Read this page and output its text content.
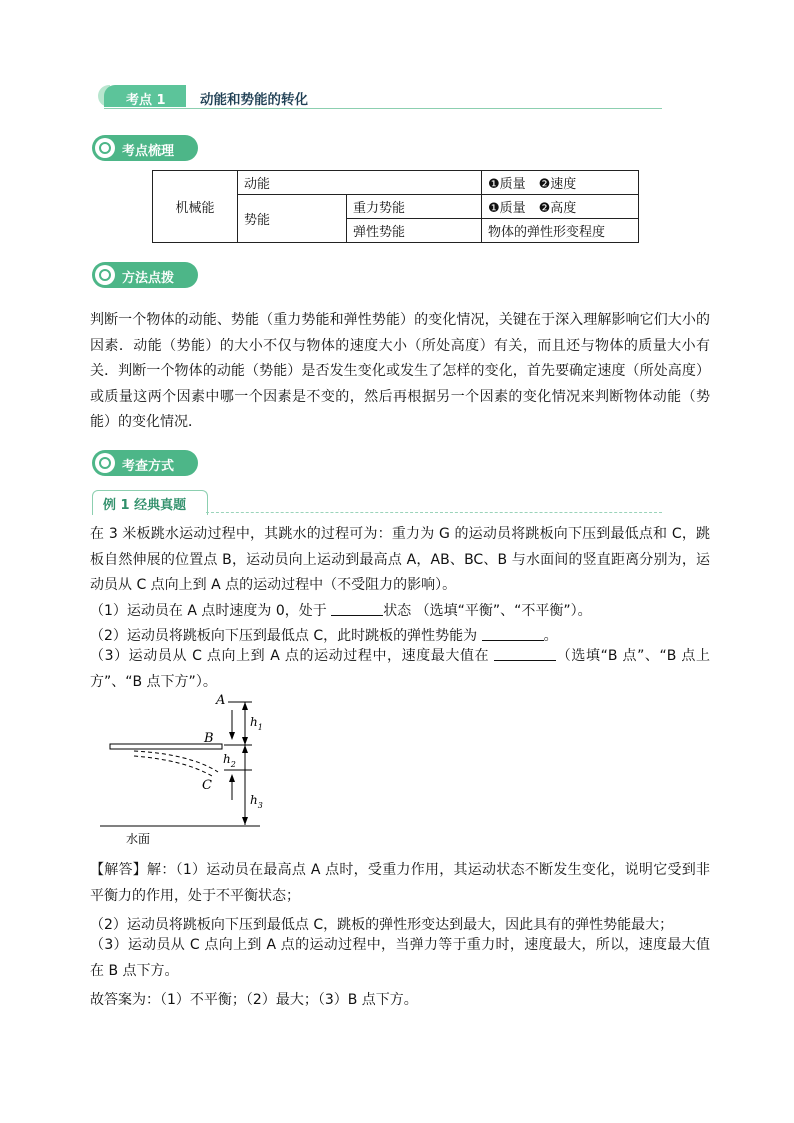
考点 1	动能和势能的转化
考点梳理
机械能	动能		❶质量　❷速度
	势能	重力势能	❶质量　❷高度
		弹性势能	物体的弹性形变程度
方法点拨
判断一个物体的动能、势能（重力势能和弹性势能）的变化情况，关键在于深入理解影响它们大小的因素．动能（势能）的大小不仅与物体的速度大小（所处高度）有关，而且还与物体的质量大小有关．判断一个物体的动能（势能）是否发生变化或发生了怎样的变化，首先要确定速度（所处高度）或质量这两个因素中哪一个因素是不变的，然后再根据另一个因素的变化情况来判断物体动能（势能）的变化情况．
考查方式
例 1 经典真题
在 3 米板跳水运动过程中，其跳水的过程可为：重力为 G 的运动员将跳板向下压到最低点和 C，跳板自然伸展的位置点 B，运动员向上运动到最高点 A，AB、BC、B 与水面间的竖直距离分别为，运动员从 C 点向上到 A 点的运动过程中（不受阻力的影响）。
（1）运动员在 A 点时速度为 0，处于	状态 （选填“平衡”、“不平衡”）。
（2）运动员将跳板向下压到最低点 C，此时跳板的弹性势能为	。
（3）运动员从 C 点向上到 A 点的运动过程中，速度最大值在	（选填“B 点”、“B 点上方”、“B 点下方”）。
A
B
C
$h_1$
$h_2$
$h_3$
水面
【解答】解：（1）运动员在最高点 A 点时，受重力作用，其运动状态不断发生变化，说明它受到非平衡力的作用，处于不平衡状态；
（2）运动员将跳板向下压到最低点 C，跳板的弹性形变达到最大，因此具有的弹性势能最大；
（3）运动员从 C 点向上到 A 点的运动过程中，当弹力等于重力时，速度最大，所以，速度最大值在 B 点下方。
故答案为：（1）不平衡；（2）最大；（3）B 点下方。
